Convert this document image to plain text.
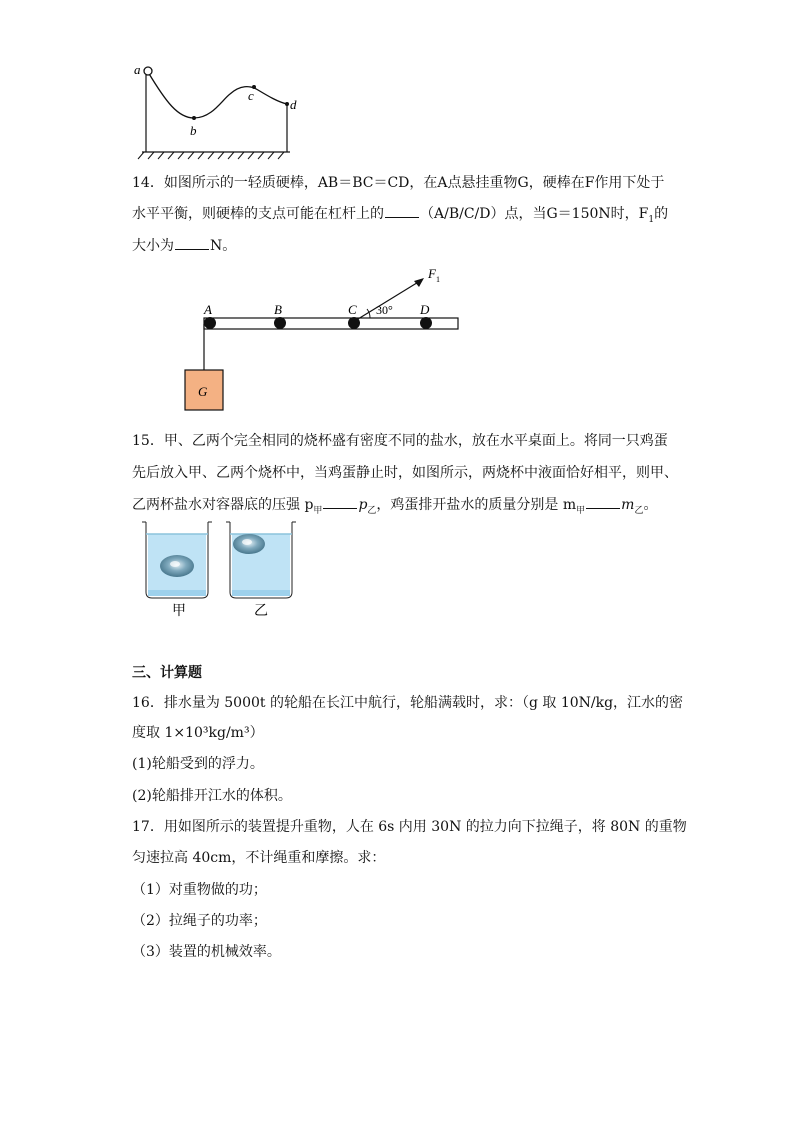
a
b
c
d
14．如图所示的一轻质硬棒，AB＝BC＝CD，在A点悬挂重物G，硬棒在F作用下处于
水平平衡，则硬棒的支点可能在杠杆上的	（A/B/C/D）点，当G＝150N时，$F_1$的
大小为	N。
G
A	B	C	D
F 1
30°
15．甲、乙两个完全相同的烧杯盛有密度不同的盐水，放在水平桌面上。将同一只鸡蛋
先后放入甲、乙两个烧杯中，当鸡蛋静止时，如图所示，两烧杯中液面恰好相平，则甲、
乙两杯盐水对容器底的压强 $p_甲$	$p_乙$，鸡蛋排开盐水的质量分别是 $m_甲$	$m_乙$。
甲	乙
三、计算题
16．排水量为 5000t 的轮船在长江中航行，轮船满载时，求：（g 取 10N/kg，江水的密
度取 1×10³kg/m³）
(1)轮船受到的浮力。
(2)轮船排开江水的体积。
17．用如图所示的装置提升重物，人在 6s 内用 30N 的拉力向下拉绳子，将 80N 的重物
匀速拉高 40cm，不计绳重和摩擦。求：
（1）对重物做的功；
（2）拉绳子的功率；
（3）装置的机械效率。
